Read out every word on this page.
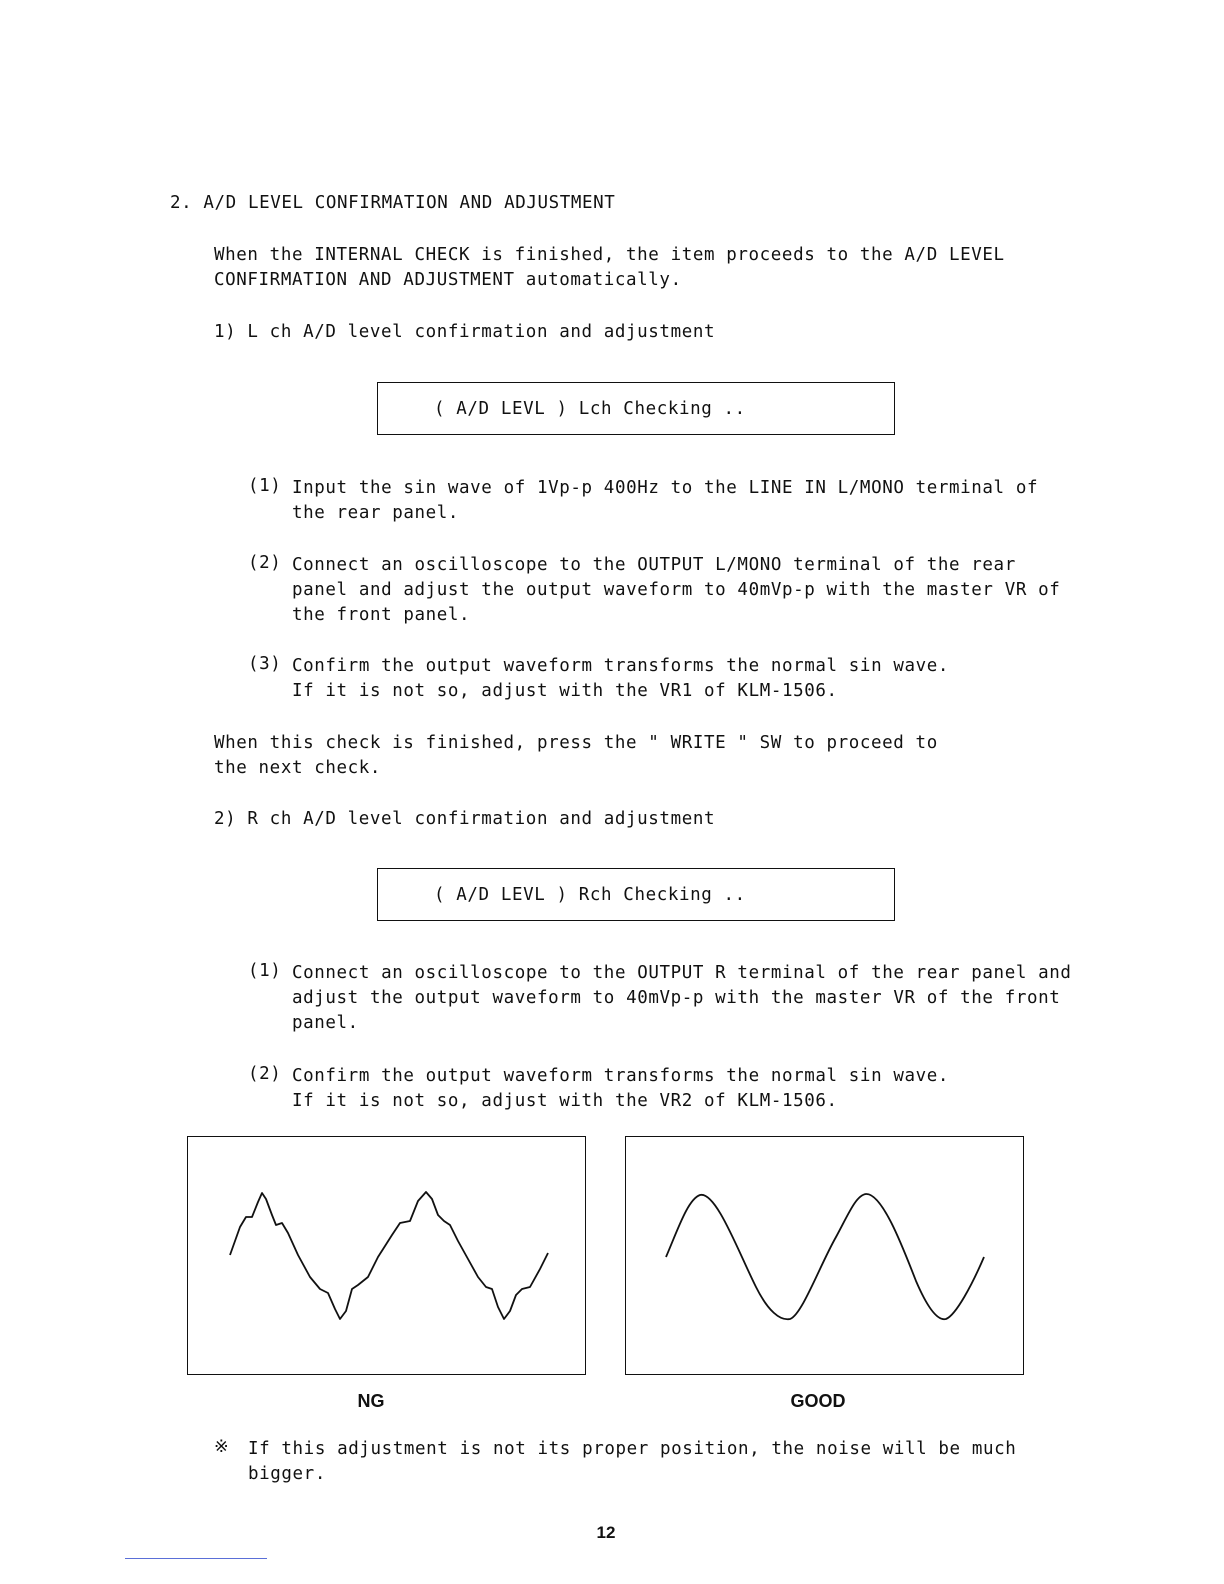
2. A/D LEVEL CONFIRMATION AND ADJUSTMENT
When the INTERNAL CHECK is finished, the item proceeds to the A/D LEVEL
CONFIRMATION AND ADJUSTMENT automatically.
1) L ch A/D level confirmation and adjustment
( A/D LEVL ) Lch Checking ..
(1) Input the sin wave of 1Vp-p 400Hz to the LINE IN L/MONO terminal of
the rear panel.
(2) Connect an oscilloscope to the OUTPUT L/MONO terminal of the rear
panel and adjust the output waveform to 40mVp-p with the master VR of
the front panel.
(3) Confirm the output waveform transforms the normal sin wave.
If it is not so, adjust with the VR1 of KLM-1506.
When this check is finished, press the " WRITE " SW to proceed to
the next check.
2) R ch A/D level confirmation and adjustment
( A/D LEVL ) Rch Checking ..
(1) Connect an oscilloscope to the OUTPUT R terminal of the rear panel and
adjust the output waveform to 40mVp-p with the master VR of the front
panel.
(2) Confirm the output waveform transforms the normal sin wave.
If it is not so, adjust with the VR2 of KLM-1506.
NG	GOOD
※ If this adjustment is not its proper position, the noise will be much
bigger.
12
